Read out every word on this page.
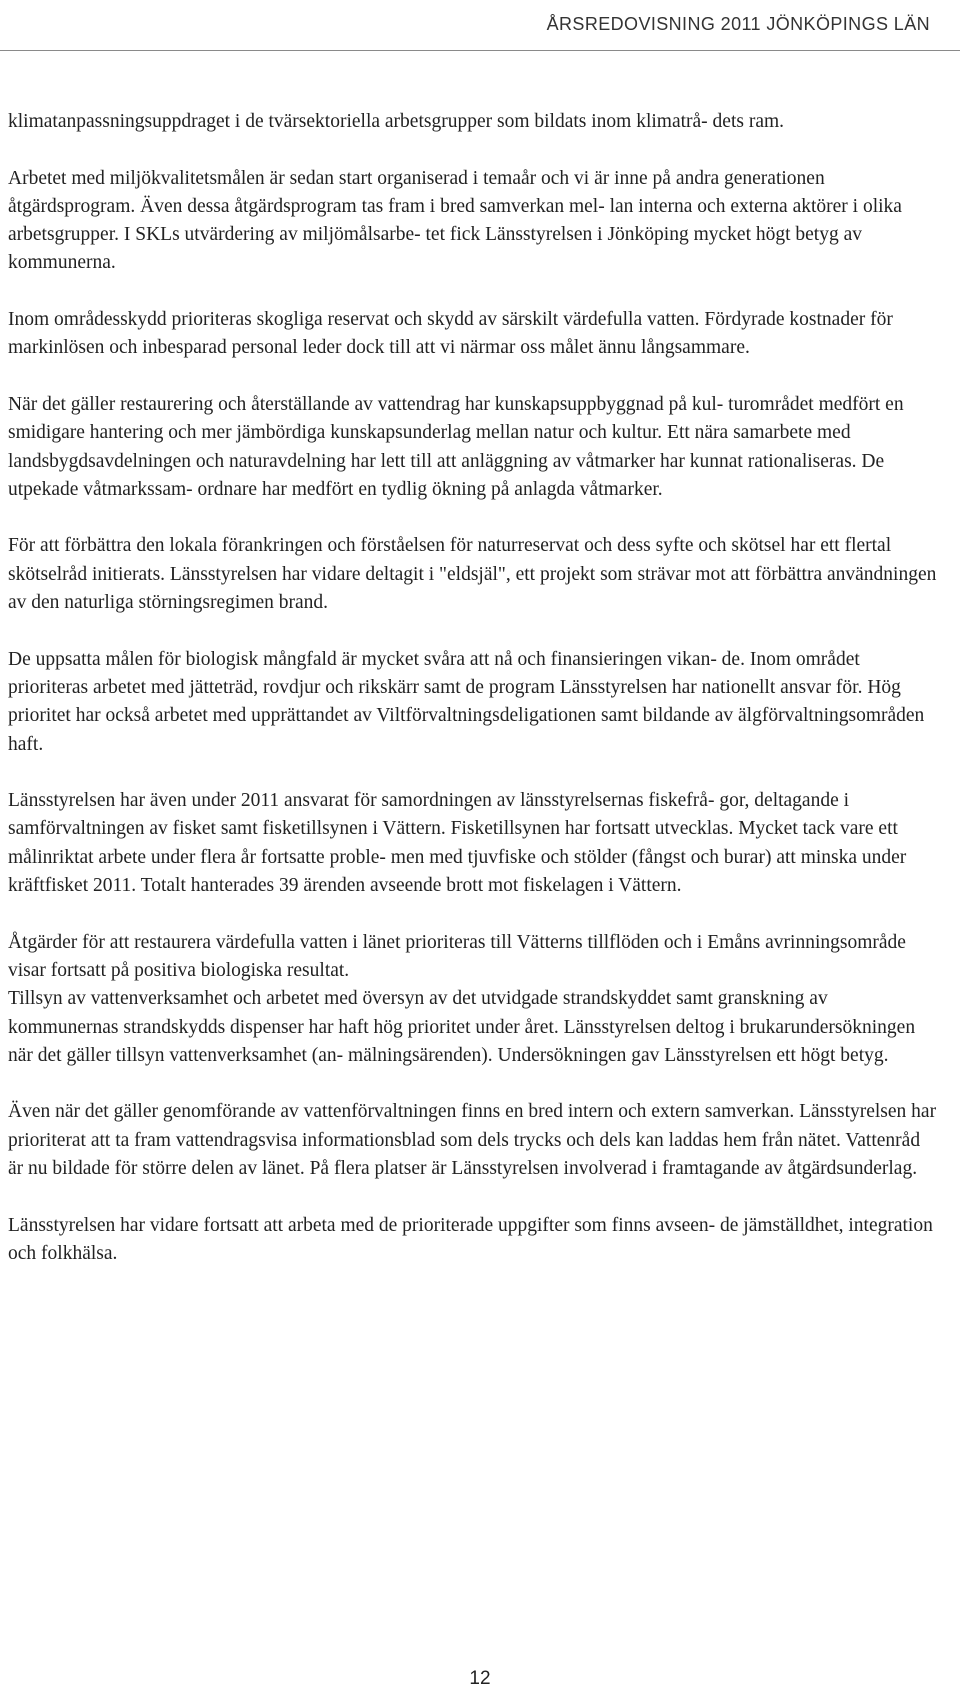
ÅRSREDOVISNING 2011 JÖNKÖPINGS LÄN

klimatanpassningsuppdraget i de tvärsektoriella arbetsgrupper som bildats inom klimatrå- dets ram.

Arbetet med miljökvalitetsmålen är sedan start organiserad i temaår och vi är inne på andra generationen åtgärdsprogram. Även dessa åtgärdsprogram tas fram i bred samverkan mel- lan interna och externa aktörer i olika arbetsgrupper. I SKLs utvärdering av miljömålsarbe- tet fick Länsstyrelsen i Jönköping mycket högt betyg av kommunerna.

Inom områdesskydd prioriteras skogliga reservat och skydd av särskilt värdefulla vatten. Fördyrade kostnader för markinlösen och inbesparad personal leder dock till att vi närmar oss målet ännu långsammare.

När det gäller restaurering och återställande av vattendrag har kunskapsuppbyggnad på kul- turområdet medfört en smidigare hantering och mer jämbördiga kunskapsunderlag mellan natur och kultur. Ett nära samarbete med landsbygdsavdelningen och naturavdelning har lett till att anläggning av våtmarker har kunnat rationaliseras. De utpekade våtmarkssam- ordnare har medfört en tydlig ökning på anlagda våtmarker.

För att förbättra den lokala förankringen och förståelsen för naturreservat och dess syfte och skötsel har ett flertal skötselråd initierats. Länsstyrelsen har vidare deltagit i "eldsjäl", ett projekt som strävar mot att förbättra användningen av den naturliga störningsregimen brand.

De uppsatta målen för biologisk mångfald är mycket svåra att nå och finansieringen vikan- de. Inom området prioriteras arbetet med jätteträd, rovdjur och rikskärr samt de program Länsstyrelsen har nationellt ansvar för. Hög prioritet har också arbetet med upprättandet av Viltförvaltningsdeligationen samt bildande av älgförvaltningsområden haft.

Länsstyrelsen har även under 2011 ansvarat för samordningen av länsstyrelsernas fiskefrå- gor, deltagande i samförvaltningen av fisket samt fisketillsynen i Vättern. Fisketillsynen har fortsatt utvecklas. Mycket tack vare ett målinriktat arbete under flera år fortsatte proble- men med tjuvfiske och stölder (fångst och burar) att minska under kräftfisket 2011. Totalt hanterades 39 ärenden avseende brott mot fiskelagen i Vättern.

Åtgärder för att restaurera värdefulla vatten i länet prioriteras till Vätterns tillflöden och i Emåns avrinningsområde visar fortsatt på positiva biologiska resultat.

Tillsyn av vattenverksamhet och arbetet med översyn av det utvidgade strandskyddet samt granskning av kommunernas strandskydds dispenser har haft hög prioritet under året. Länsstyrelsen deltog i brukarundersökningen när det gäller tillsyn vattenverksamhet (an- mälningsärenden). Undersökningen gav Länsstyrelsen ett högt betyg.

Även när det gäller genomförande av vattenförvaltningen finns en bred intern och extern samverkan. Länsstyrelsen har prioriterat att ta fram vattendragsvisa informationsblad som dels trycks och dels kan laddas hem från nätet. Vattenråd är nu bildade för större delen av länet. På flera platser är Länsstyrelsen involverad i framtagande av åtgärdsunderlag.

Länsstyrelsen har vidare fortsatt att arbeta med de prioriterade uppgifter som finns avseen- de jämställdhet, integration och folkhälsa.

12
